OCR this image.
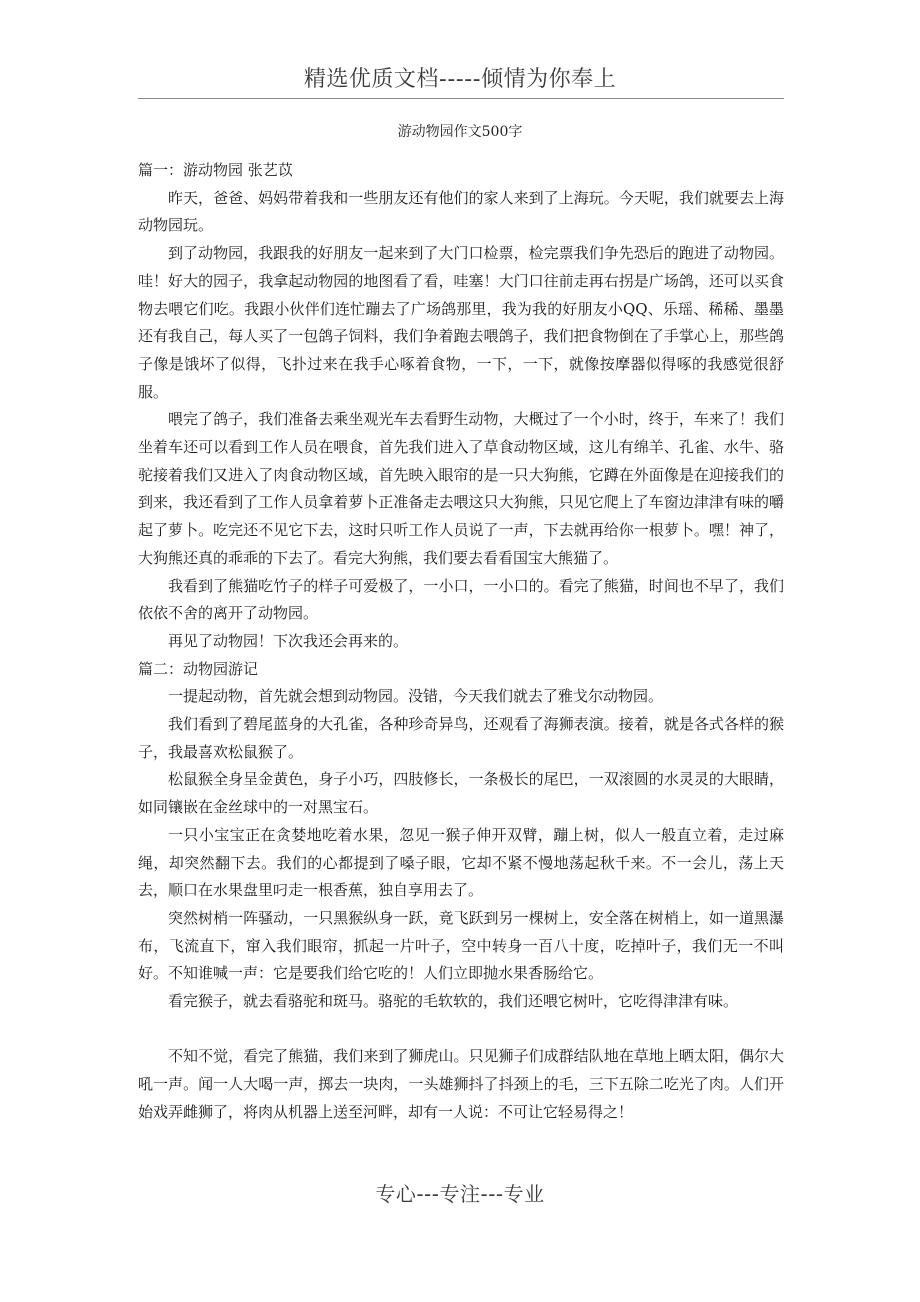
精选优质文档-----倾情为你奉上
游动物园作文500字

篇一：游动物园 张艺苡

昨天，爸爸、妈妈带着我和一些朋友还有他们的家人来到了上海玩。今天呢，我们就要去上海动物园玩。

到了动物园，我跟我的好朋友一起来到了大门口检票，检完票我们争先恐后的跑进了动物园。哇！好大的园子，我拿起动物园的地图看了看，哇塞！大门口往前走再右拐是广场鸽，还可以买食物去喂它们吃。我跟小伙伴们连忙蹦去了广场鸽那里，我为我的好朋友小QQ、乐瑶、稀稀、墨墨还有我自己，每人买了一包鸽子饲料，我们争着跑去喂鸽子，我们把食物倒在了手掌心上，那些鸽子像是饿坏了似得，飞扑过来在我手心啄着食物，一下，一下，就像按摩器似得啄的我感觉很舒服。

喂完了鸽子，我们准备去乘坐观光车去看野生动物，大概过了一个小时，终于，车来了！我们坐着车还可以看到工作人员在喂食，首先我们进入了草食动物区域，这儿有绵羊、孔雀、水牛、骆驼接着我们又进入了肉食动物区域，首先映入眼帘的是一只大狗熊，它蹲在外面像是在迎接我们的到来，我还看到了工作人员拿着萝卜正准备走去喂这只大狗熊，只见它爬上了车窗边津津有味的嚼起了萝卜。吃完还不见它下去，这时只听工作人员说了一声，下去就再给你一根萝卜。嘿！神了，大狗熊还真的乖乖的下去了。看完大狗熊，我们要去看看国宝大熊猫了。

我看到了熊猫吃竹子的样子可爱极了，一小口，一小口的。看完了熊猫，时间也不早了，我们依依不舍的离开了动物园。

再见了动物园！下次我还会再来的。

篇二：动物园游记

一提起动物，首先就会想到动物园。没错，今天我们就去了雅戈尔动物园。

我们看到了碧尾蓝身的大孔雀，各种珍奇异鸟，还观看了海狮表演。接着，就是各式各样的猴子，我最喜欢松鼠猴了。

松鼠猴全身呈金黄色，身子小巧，四肢修长，一条极长的尾巴，一双滚圆的水灵灵的大眼睛，如同镶嵌在金丝球中的一对黑宝石。

一只小宝宝正在贪婪地吃着水果，忽见一猴子伸开双臂，蹦上树，似人一般直立着，走过麻绳，却突然翻下去。我们的心都提到了嗓子眼，它却不紧不慢地荡起秋千来。不一会儿，荡上天去，顺口在水果盘里叼走一根香蕉，独自享用去了。

突然树梢一阵骚动，一只黑猴纵身一跃，竟飞跃到另一棵树上，安全落在树梢上，如一道黑瀑布，飞流直下，窜入我们眼帘，抓起一片叶子，空中转身一百八十度，吃掉叶子，我们无一不叫好。不知谁喊一声：它是要我们给它吃的！人们立即抛水果香肠给它。

看完猴子，就去看骆驼和斑马。骆驼的毛软软的，我们还喂它树叶，它吃得津津有味。

不知不觉，看完了熊猫，我们来到了狮虎山。只见狮子们成群结队地在草地上晒太阳，偶尔大吼一声。闻一人大喝一声，掷去一块肉，一头雄狮抖了抖颈上的毛，三下五除二吃光了肉。人们开始戏弄雌狮了，将肉从机器上送至河畔，却有一人说：不可让它轻易得之！

专心---专注---专业
